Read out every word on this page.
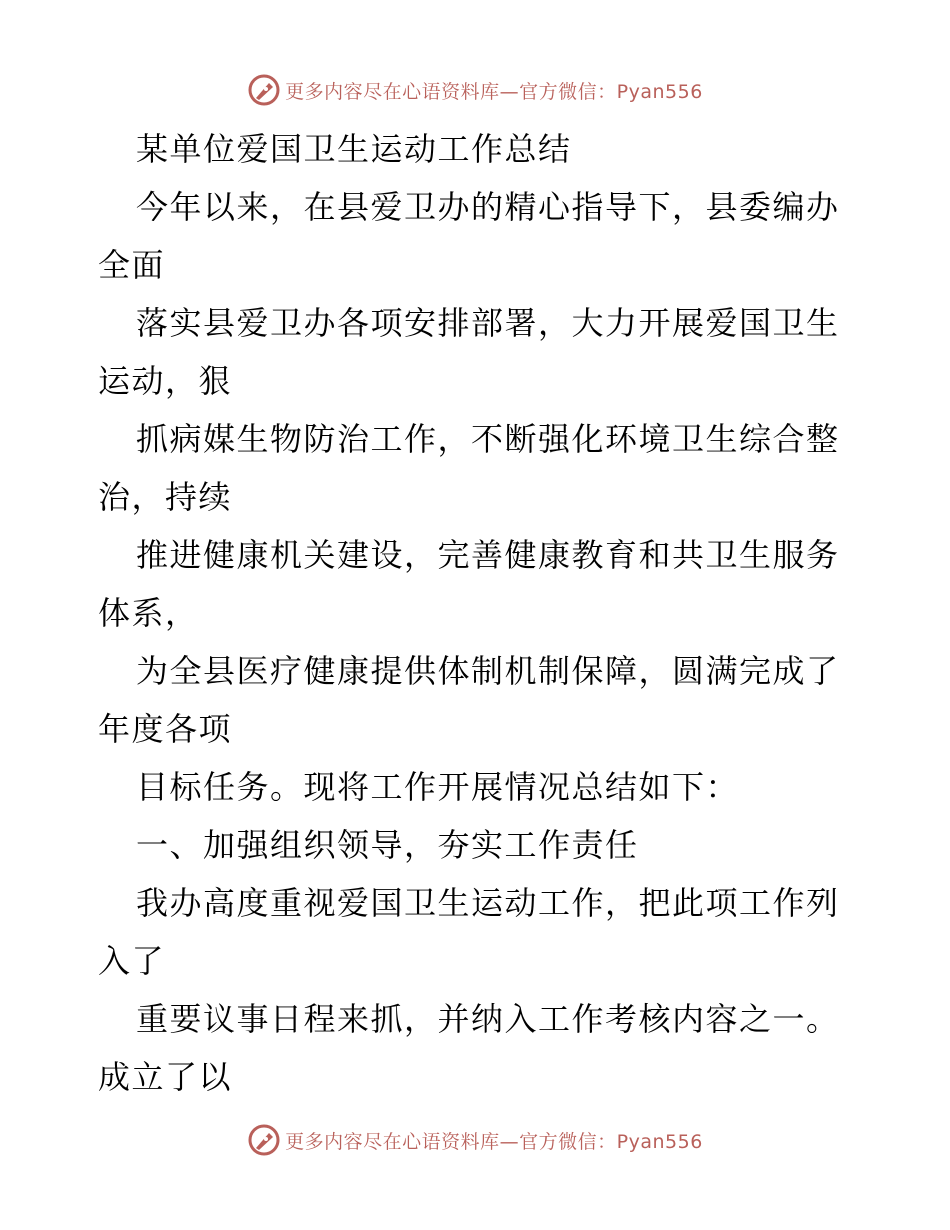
更多内容尽在心语资料库—官方微信：Pyan556
某单位爱国卫生运动工作总结
今年以来，在县爱卫办的精心指导下，县委编办
全面
落实县爱卫办各项安排部署，大力开展爱国卫生
运动，狠
抓病媒生物防治工作，不断强化环境卫生综合整
治，持续
推进健康机关建设，完善健康教育和共卫生服务
体系，
为全县医疗健康提供体制机制保障，圆满完成了
年度各项
目标任务。现将工作开展情况总结如下：
一、加强组织领导，夯实工作责任
我办高度重视爱国卫生运动工作，把此项工作列
入了
重要议事日程来抓，并纳入工作考核内容之一。
成立了以
更多内容尽在心语资料库—官方微信：Pyan556
